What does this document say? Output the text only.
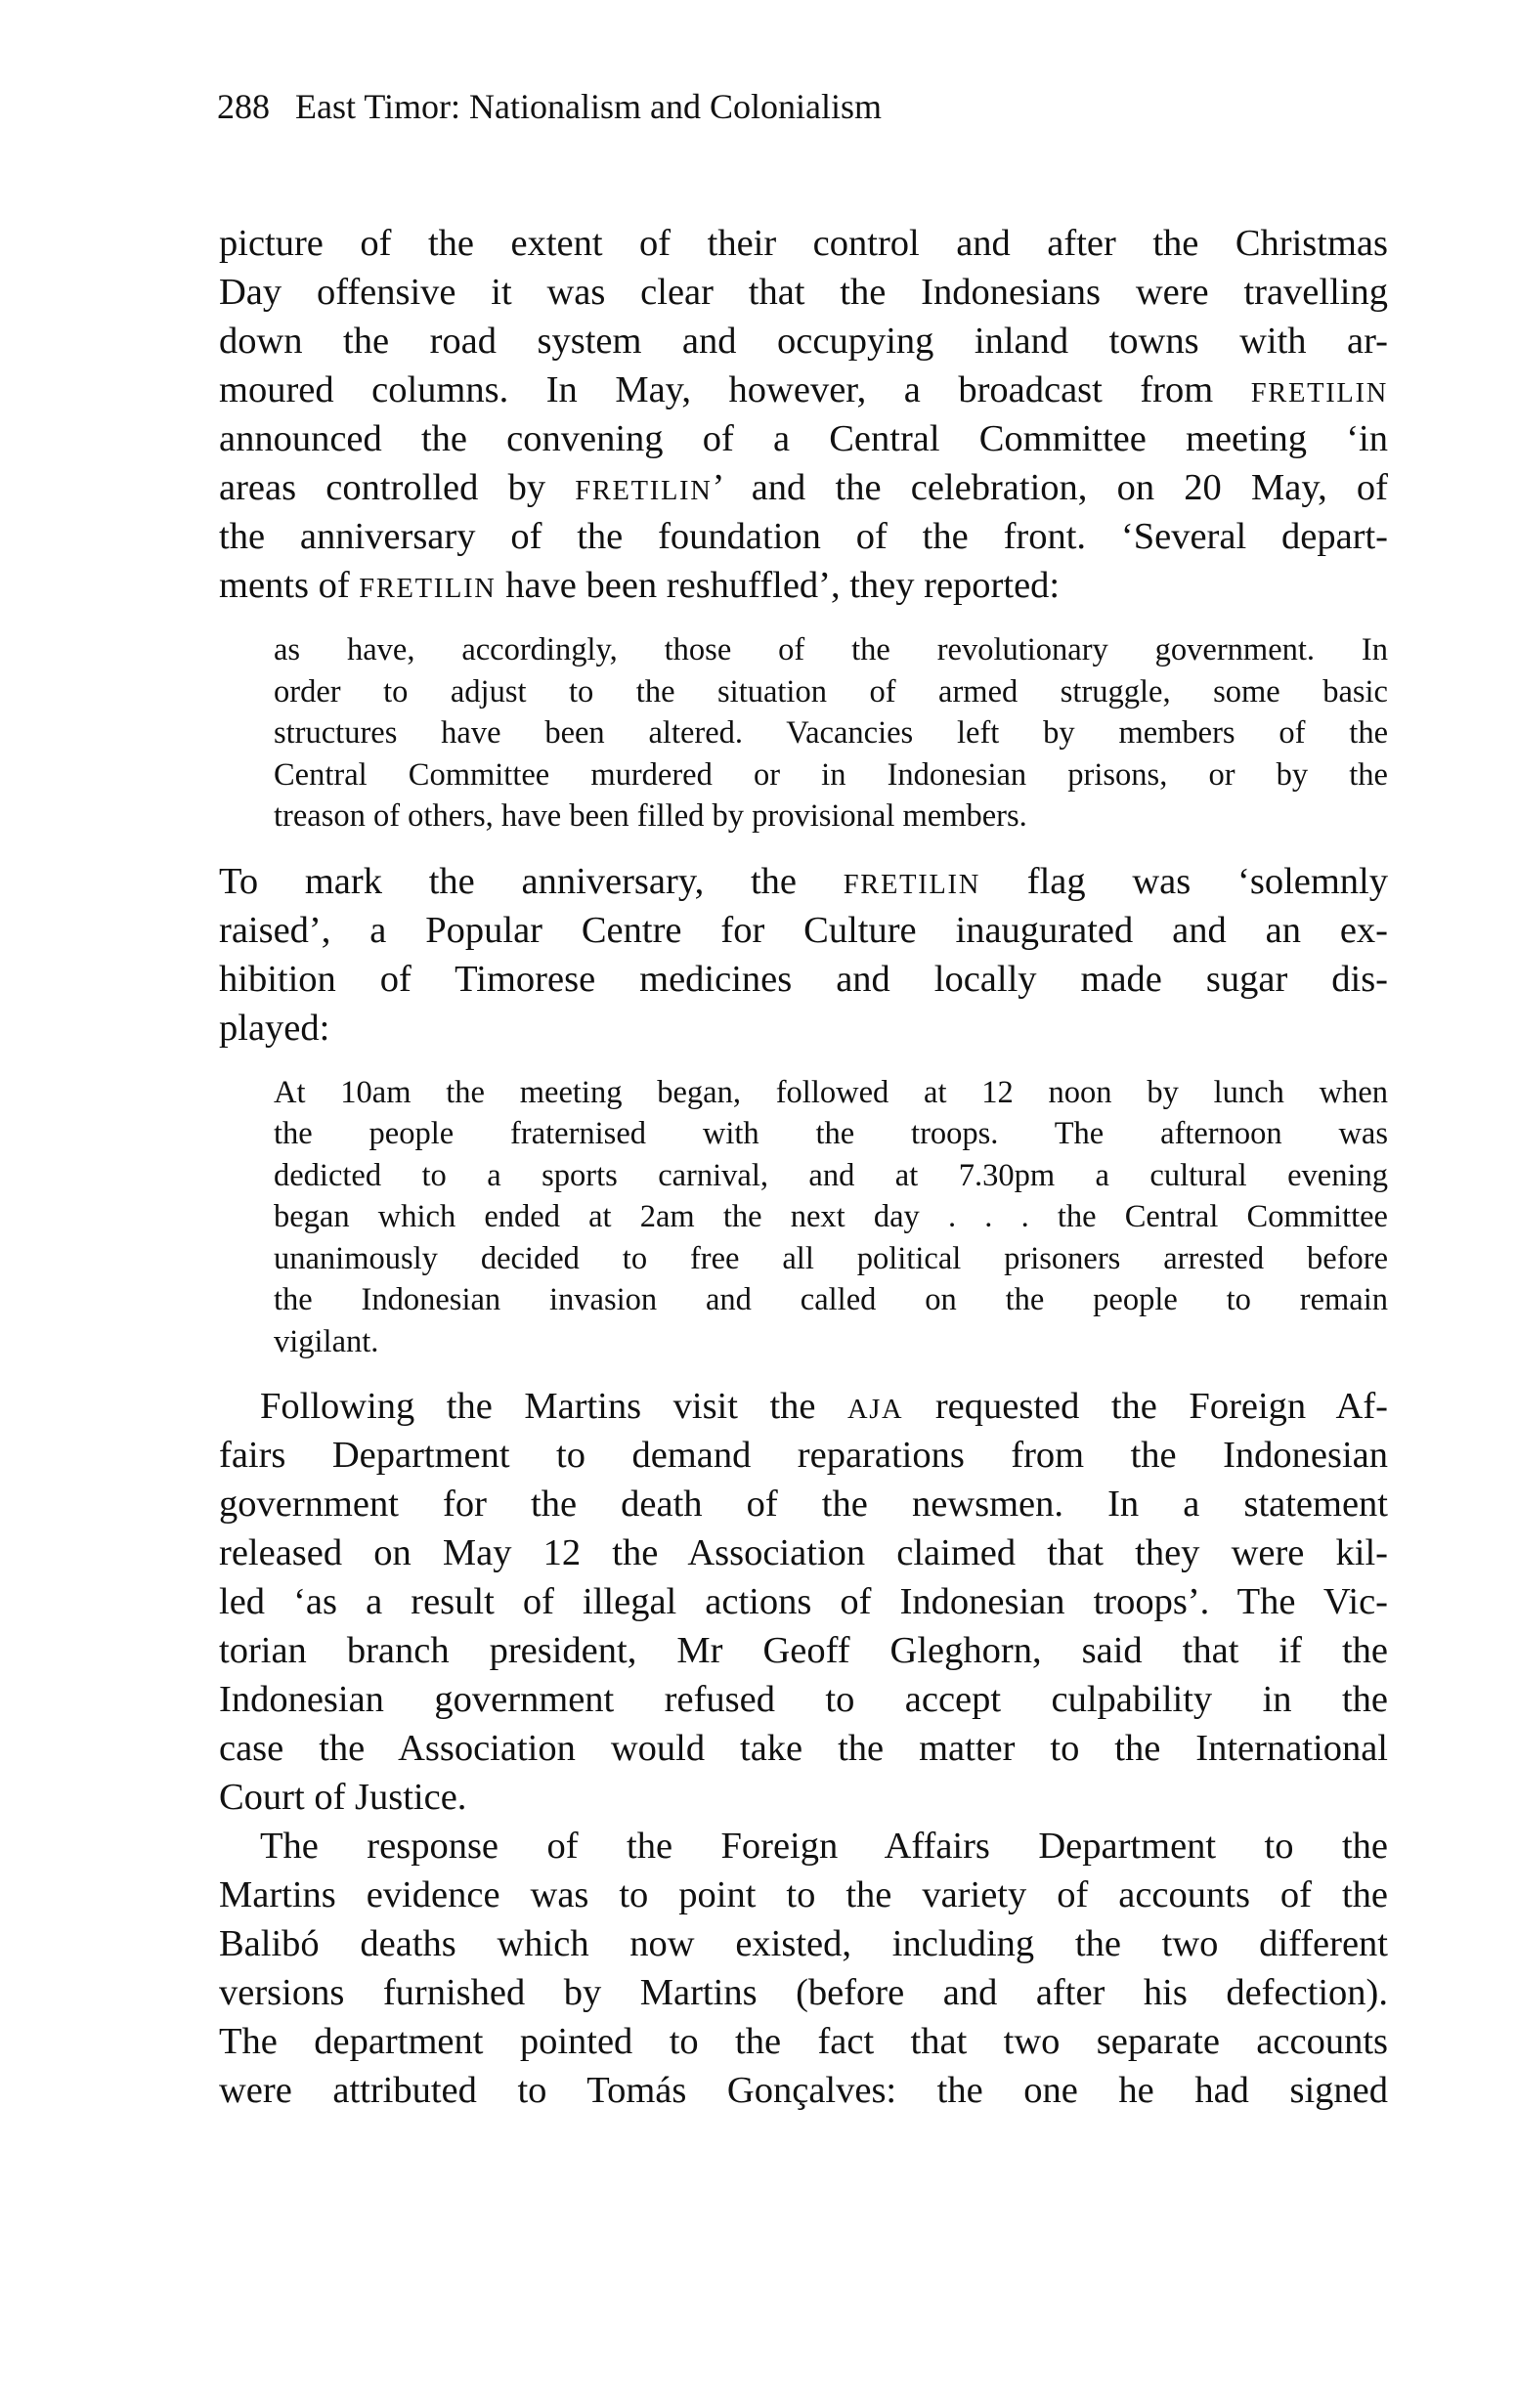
288 East Timor: Nationalism and Colonialism
picture of the extent of their control and after the Christmas
Day offensive it was clear that the Indonesians were travelling
down the road system and occupying inland towns with ar-
moured columns. In May, however, a broadcast from FRETILIN
announced the convening of a Central Committee meeting ‘in
areas controlled by FRETILIN’ and the celebration, on 20 May, of
the anniversary of the foundation of the front. ‘Several depart-
ments of FRETILIN have been reshuffled’, they reported:
as have, accordingly, those of the revolutionary government. In
order to adjust to the situation of armed struggle, some basic
structures have been altered. Vacancies left by members of the
Central Committee murdered or in Indonesian prisons, or by the
treason of others, have been filled by provisional members.
To mark the anniversary, the FRETILIN flag was ‘solemnly
raised’, a Popular Centre for Culture inaugurated and an ex-
hibition of Timorese medicines and locally made sugar dis-
played:
At 10am the meeting began, followed at 12 noon by lunch when
the people fraternised with the troops. The afternoon was
dedicted to a sports carnival, and at 7.30pm a cultural evening
began which ended at 2am the next day . . . the Central Committee
unanimously decided to free all political prisoners arrested before
the Indonesian invasion and called on the people to remain
vigilant.
Following the Martins visit the AJA requested the Foreign Af-
fairs Department to demand reparations from the Indonesian
government for the death of the newsmen. In a statement
released on May 12 the Association claimed that they were kil-
led ‘as a result of illegal actions of Indonesian troops’. The Vic-
torian branch president, Mr Geoff Gleghorn, said that if the
Indonesian government refused to accept culpability in the
case the Association would take the matter to the International
Court of Justice.
The response of the Foreign Affairs Department to the
Martins evidence was to point to the variety of accounts of the
Balibó deaths which now existed, including the two different
versions furnished by Martins (before and after his defection).
The department pointed to the fact that two separate accounts
were attributed to Tomás Gonçalves: the one he had signed
